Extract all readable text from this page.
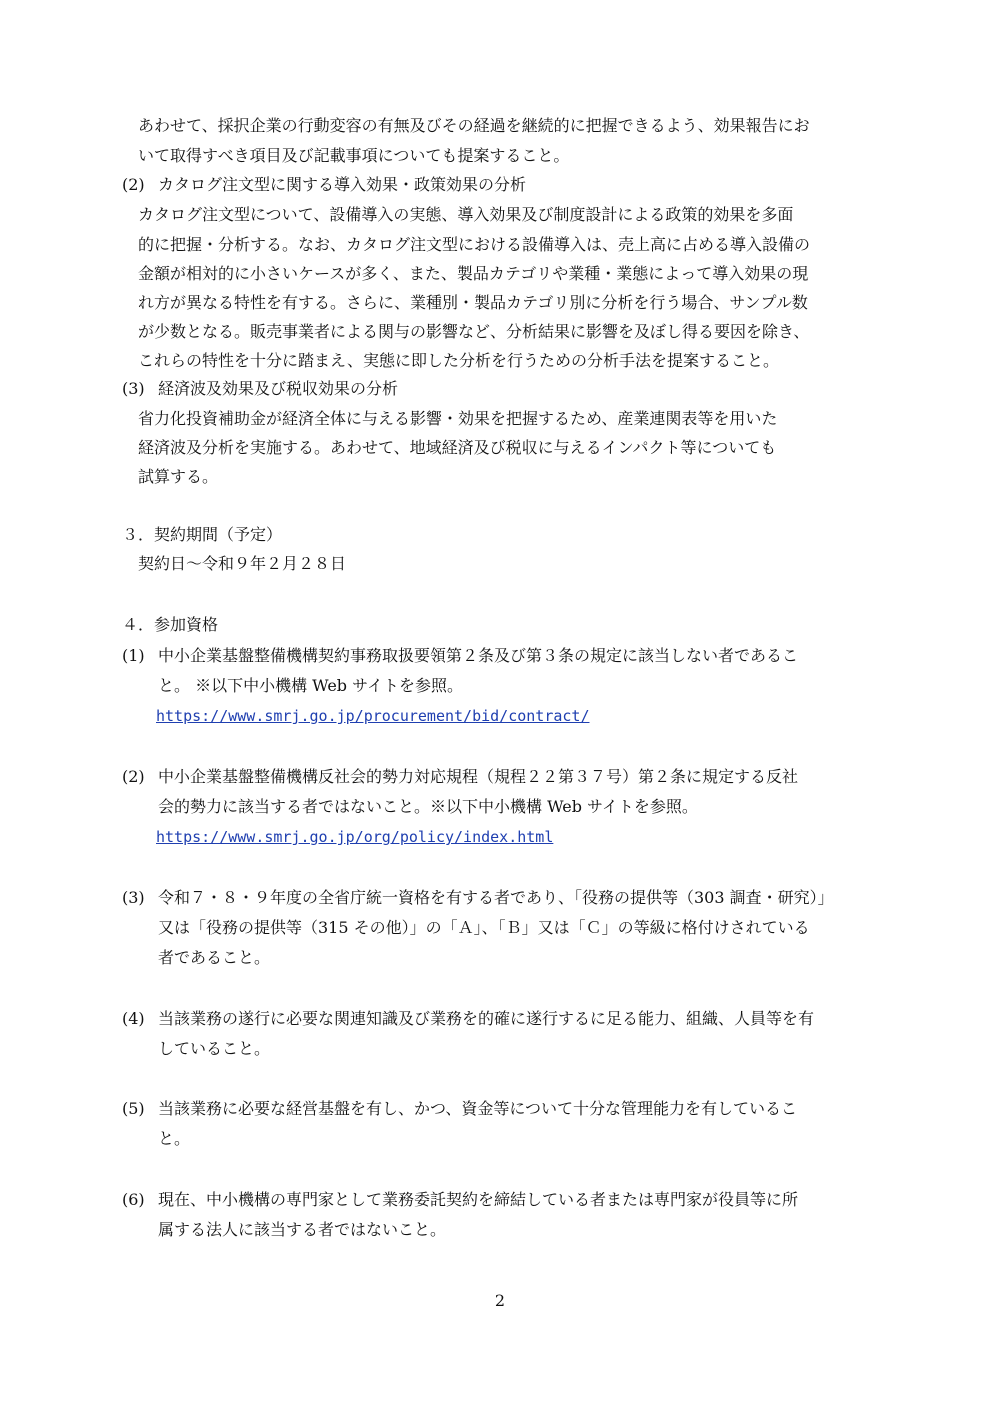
あわせて、採択企業の行動変容の有無及びその経過を継続的に把握できるよう、効果報告にお
いて取得すべき項目及び記載事項についても提案すること。
(2) カタログ注文型に関する導入効果・政策効果の分析
カタログ注文型について、設備導入の実態、導入効果及び制度設計による政策的効果を多面
的に把握・分析する。なお、カタログ注文型における設備導入は、売上高に占める導入設備の
金額が相対的に小さいケースが多く、また、製品カテゴリや業種・業態によって導入効果の現
れ方が異なる特性を有する。さらに、業種別・製品カテゴリ別に分析を行う場合、サンプル数
が少数となる。販売事業者による関与の影響など、分析結果に影響を及ぼし得る要因を除き、
これらの特性を十分に踏まえ、実態に即した分析を行うための分析手法を提案すること。
(3) 経済波及効果及び税収効果の分析
省力化投資補助金が経済全体に与える影響・効果を把握するため、産業連関表等を用いた
経済波及分析を実施する。あわせて、地域経済及び税収に与えるインパクト等についても
試算する。
３．契約期間（予定）
契約日～令和９年２月２８日
４．参加資格
(1) 中小企業基盤整備機構契約事務取扱要領第２条及び第３条の規定に該当しない者であるこ
と。 ※以下中小機構 Web サイトを参照。
https://www.smrj.go.jp/procurement/bid/contract/
(2) 中小企業基盤整備機構反社会的勢力対応規程（規程２２第３７号）第２条に規定する反社
会的勢力に該当する者ではないこと。※以下中小機構 Web サイトを参照。
https://www.smrj.go.jp/org/policy/index.html
(3) 令和７・８・９年度の全省庁統一資格を有する者であり、「役務の提供等（303 調査・研究）」
又は「役務の提供等（315 その他）」の「Ａ」、「Ｂ」又は「Ｃ」の等級に格付けされている
者であること。
(4) 当該業務の遂行に必要な関連知識及び業務を的確に遂行するに足る能力、組織、人員等を有
していること。
(5) 当該業務に必要な経営基盤を有し、かつ、資金等について十分な管理能力を有しているこ
と。
(6) 現在、中小機構の専門家として業務委託契約を締結している者または専門家が役員等に所
属する法人に該当する者ではないこと。
2
